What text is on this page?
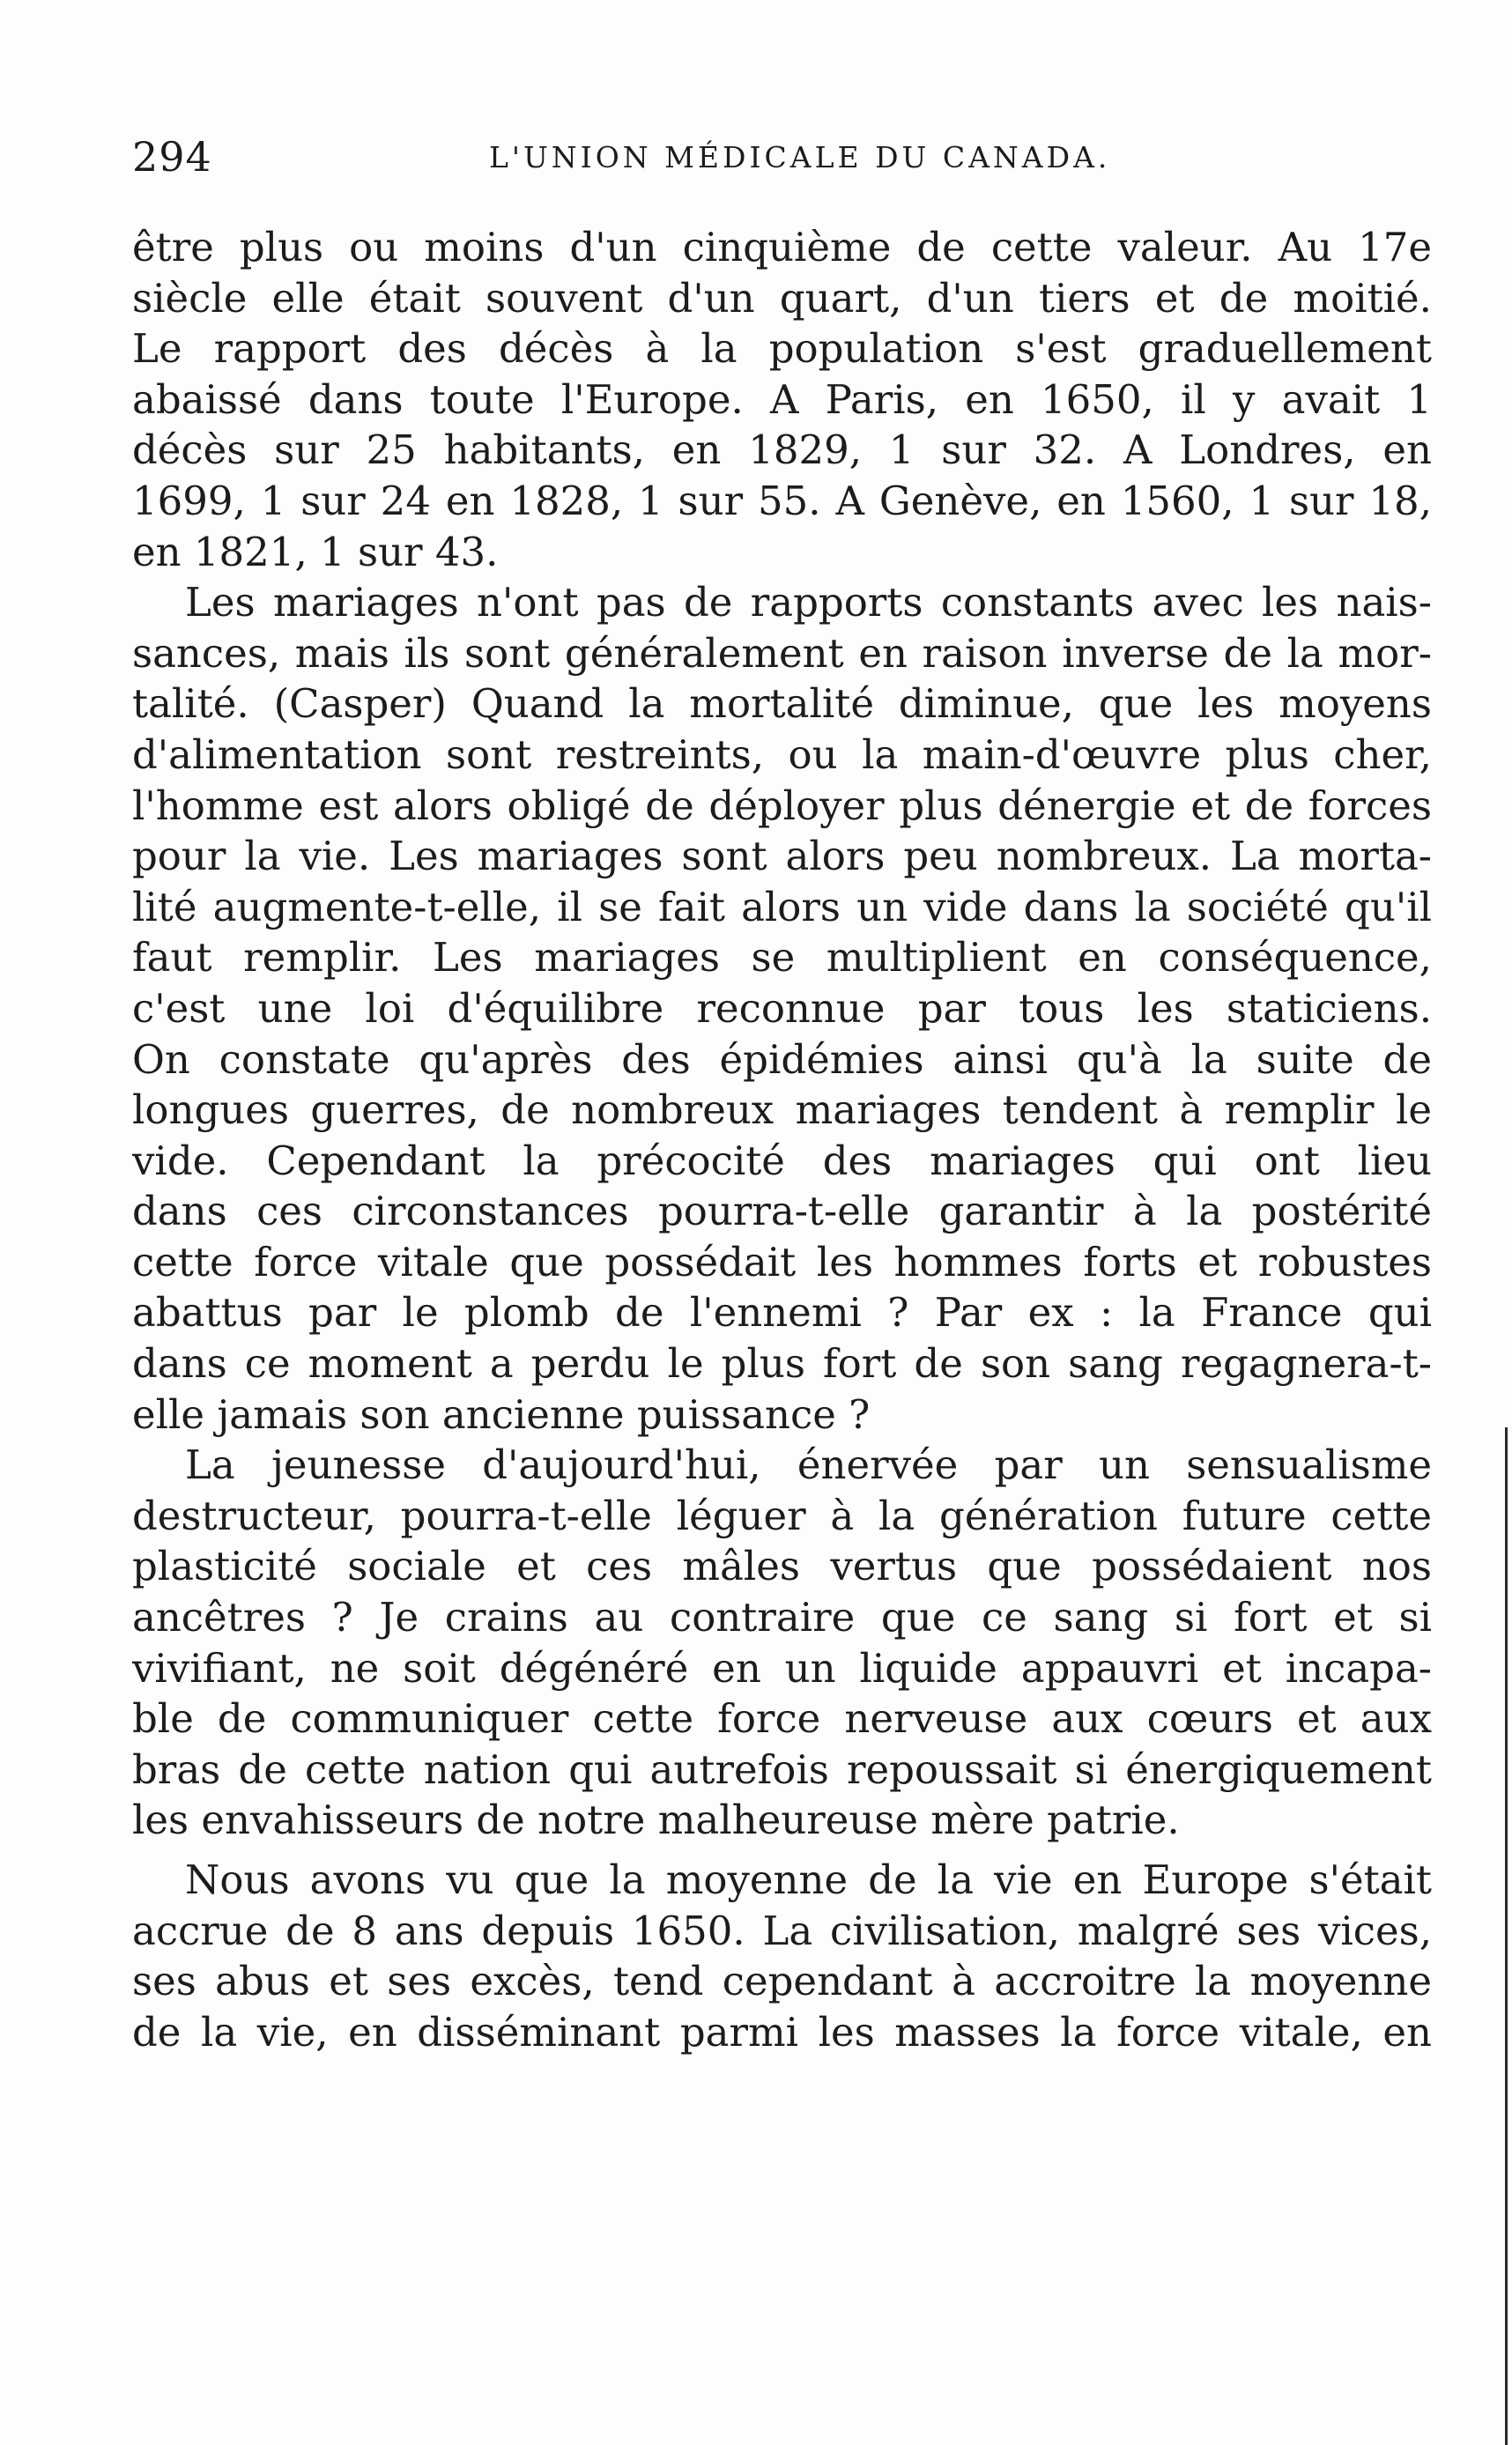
294	L'UNION MÉDICALE DU CANADA.

être plus ou moins d'un cinquième de cette valeur. Au 17e
siècle elle était souvent d'un quart, d'un tiers et de moitié.
Le rapport des décès à la population s'est graduellement
abaissé dans toute l'Europe. A Paris, en 1650, il y avait 1
décès sur 25 habitants, en 1829, 1 sur 32. A Londres, en
1699, 1 sur 24 en 1828, 1 sur 55. A Genève, en 1560, 1 sur 18,
en 1821, 1 sur 43.

Les mariages n'ont pas de rapports constants avec les nais-
sances, mais ils sont généralement en raison inverse de la mor-
talité. (Casper) Quand la mortalité diminue, que les moyens
d'alimentation sont restreints, ou la main-d'œuvre plus cher,
l'homme est alors obligé de déployer plus dénergie et de forces
pour la vie. Les mariages sont alors peu nombreux. La morta-
lité augmente-t-elle, il se fait alors un vide dans la société qu'il
faut remplir. Les mariages se multiplient en conséquence,
c'est une loi d'équilibre reconnue par tous les staticiens.
On constate qu'après des épidémies ainsi qu'à la suite de
longues guerres, de nombreux mariages tendent à remplir le
vide. Cependant la précocité des mariages qui ont lieu
dans ces circonstances pourra-t-elle garantir à la postérité
cette force vitale que possédait les hommes forts et robustes
abattus par le plomb de l'ennemi ? Par ex : la France qui
dans ce moment a perdu le plus fort de son sang regagnera-t-
elle jamais son ancienne puissance ?

La jeunesse d'aujourd'hui, énervée par un sensualisme
destructeur, pourra-t-elle léguer à la génération future cette
plasticité sociale et ces mâles vertus que possédaient nos
ancêtres ? Je crains au contraire que ce sang si fort et si
vivifiant, ne soit dégénéré en un liquide appauvri et incapa-
ble de communiquer cette force nerveuse aux cœurs et aux
bras de cette nation qui autrefois repoussait si énergiquement
les envahisseurs de notre malheureuse mère patrie.

Nous avons vu que la moyenne de la vie en Europe s'était
accrue de 8 ans depuis 1650. La civilisation, malgré ses vices,
ses abus et ses excès, tend cependant à accroitre la moyenne
de la vie, en disséminant parmi les masses la force vitale, en
